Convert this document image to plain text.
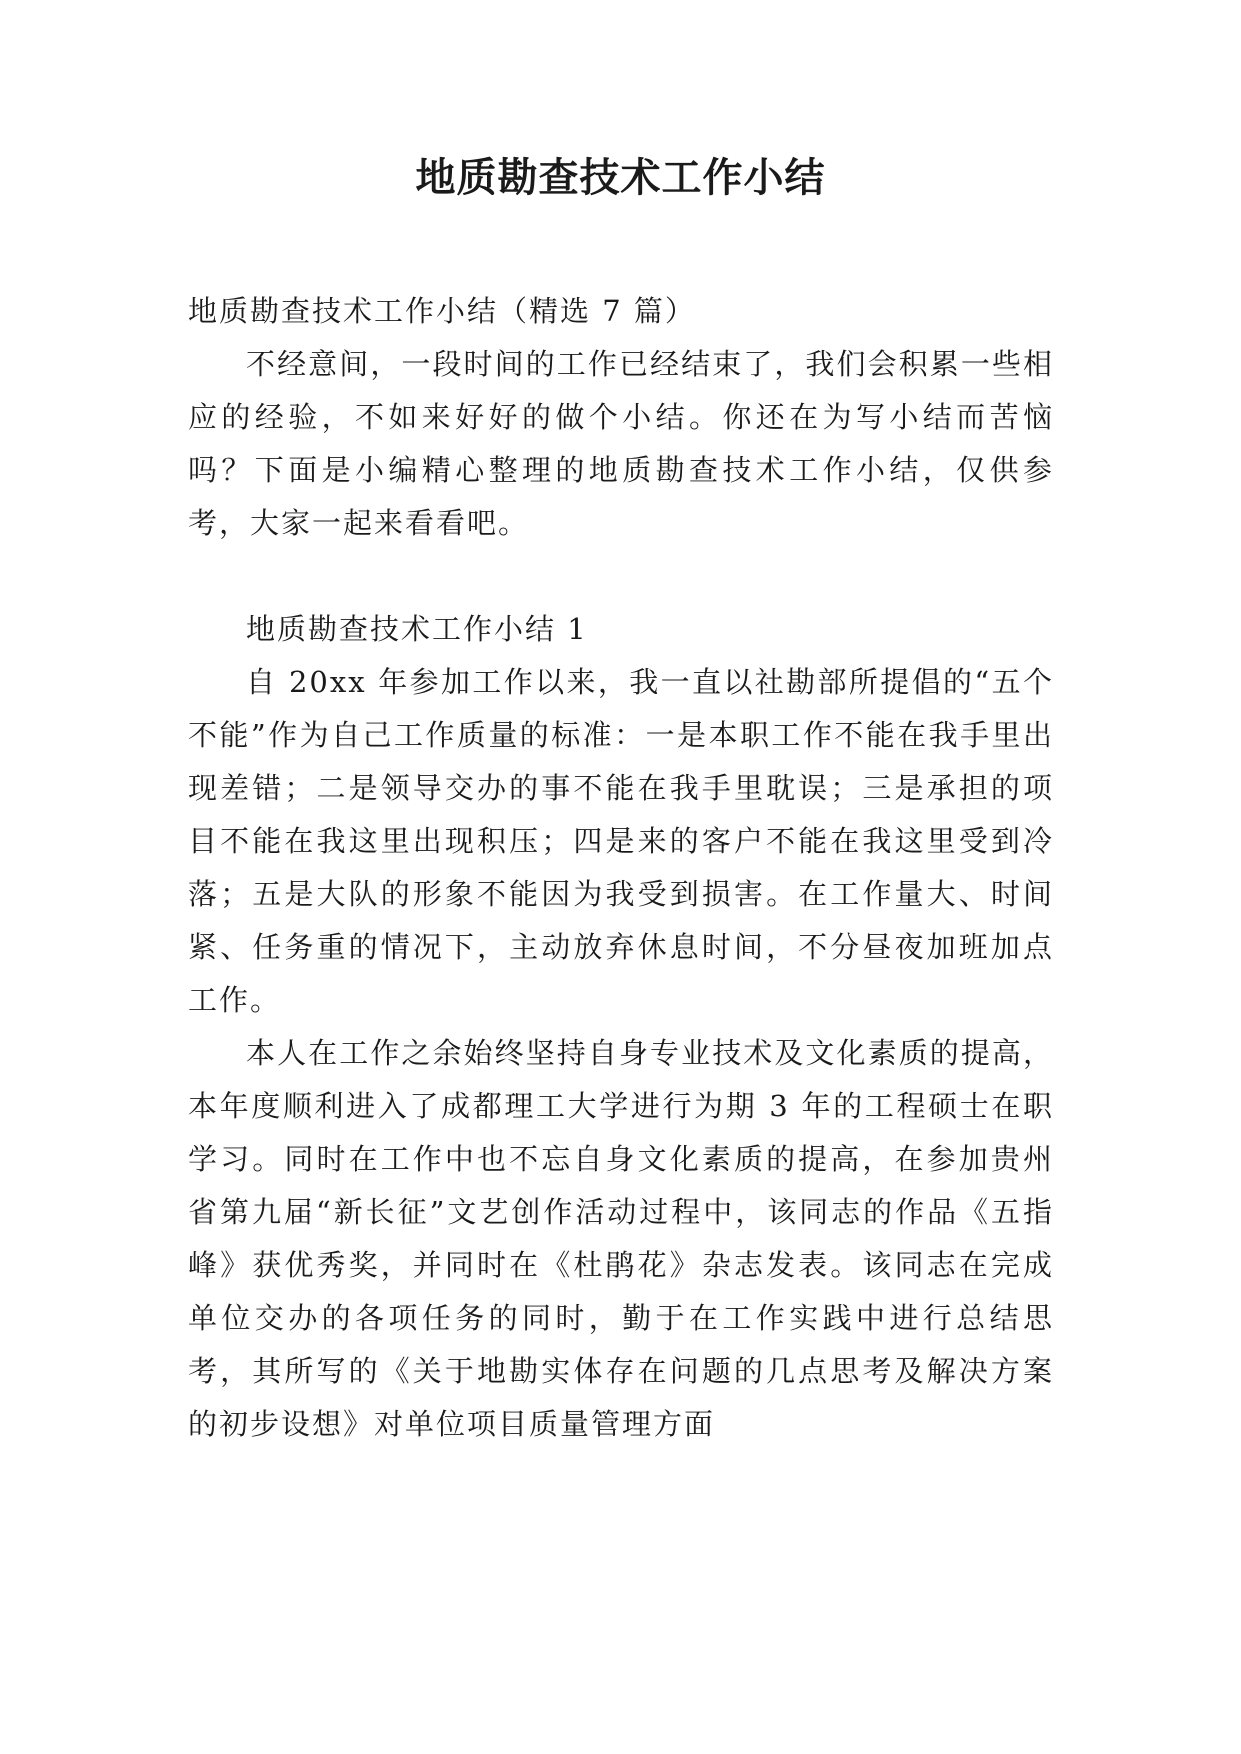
地质勘查技术工作小结

地质勘查技术工作小结（精选 7 篇）

不经意间，一段时间的工作已经结束了，我们会积累一些相应的经验，不如来好好的做个小结。你还在为写小结而苦恼吗？下面是小编精心整理的地质勘查技术工作小结，仅供参考，大家一起来看看吧。

地质勘查技术工作小结 1

自 20xx 年参加工作以来，我一直以社勘部所提倡的“五个不能”作为自己工作质量的标准：一是本职工作不能在我手里出现差错；二是领导交办的事不能在我手里耽误；三是承担的项目不能在我这里出现积压；四是来的客户不能在我这里受到冷落；五是大队的形象不能因为我受到损害。在工作量大、时间紧、任务重的情况下，主动放弃休息时间，不分昼夜加班加点工作。

本人在工作之余始终坚持自身专业技术及文化素质的提高，本年度顺利进入了成都理工大学进行为期 3 年的工程硕士在职学习。同时在工作中也不忘自身文化素质的提高，在参加贵州省第九届“新长征”文艺创作活动过程中，该同志的作品《五指峰》获优秀奖，并同时在《杜鹃花》杂志发表。该同志在完成单位交办的各项任务的同时，勤于在工作实践中进行总结思考，其所写的《关于地勘实体存在问题的几点思考及解决方案的初步设想》对单位项目质量管理方面
